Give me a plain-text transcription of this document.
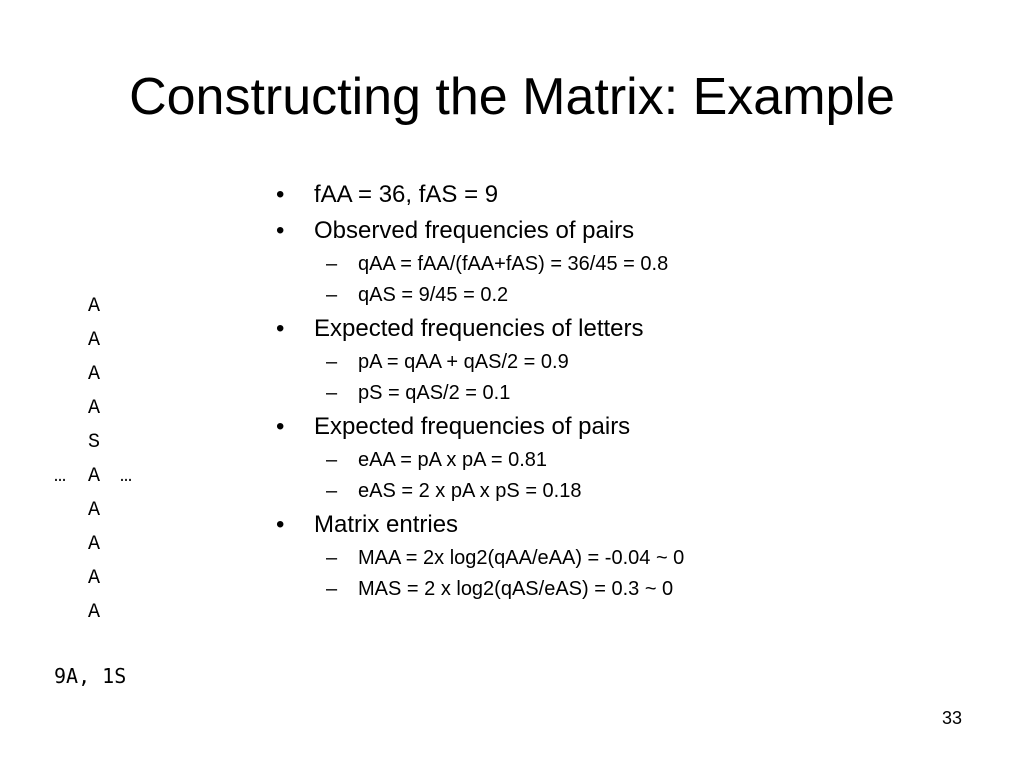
Constructing the Matrix: Example
A
A
A
A
S
… A …
A
A
A
A
9A, 1S
• fAA = 36, fAS = 9
• Observed frequencies of pairs
– qAA = fAA/(fAA+fAS) = 36/45 = 0.8
– qAS = 9/45 = 0.2
• Expected frequencies of letters
– pA = qAA + qAS/2 = 0.9
– pS = qAS/2 = 0.1
• Expected frequencies of pairs
– eAA = pA x pA = 0.81
– eAS = 2 x pA x pS = 0.18
• Matrix entries
– MAA = 2x log2(qAA/eAA) = -0.04 ~ 0
– MAS = 2 x log2(qAS/eAS) = 0.3 ~ 0
33
